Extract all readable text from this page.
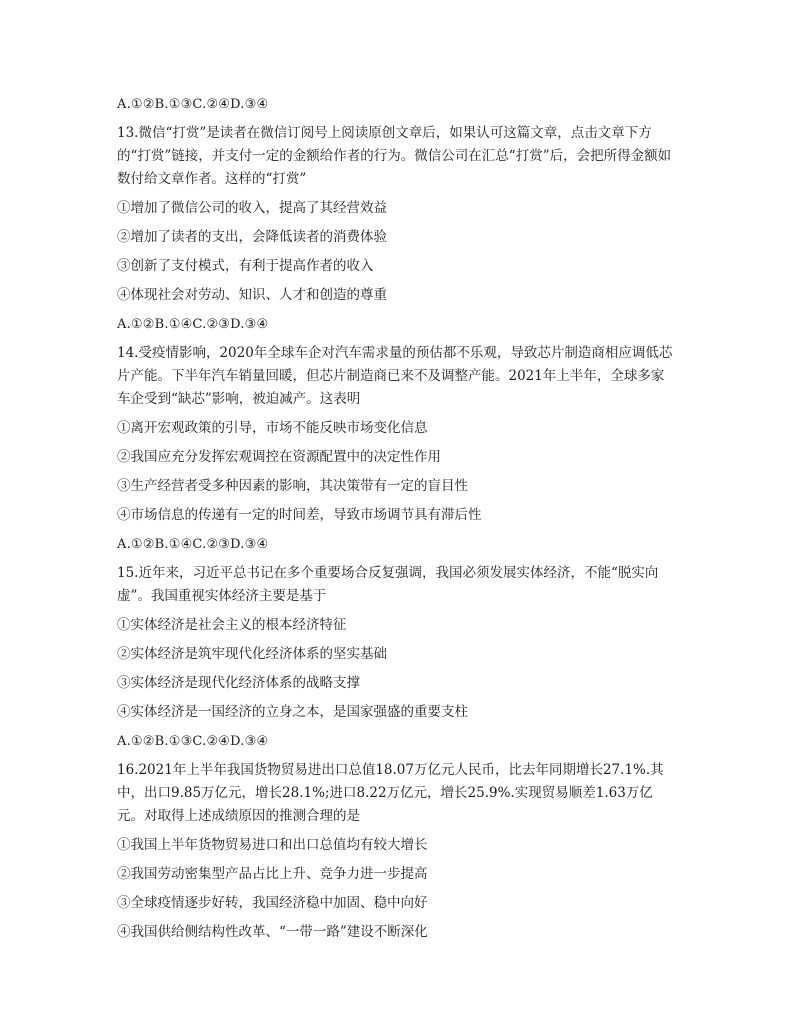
A.①②B.①③C.②④D.③④
13.微信“打赏”是读者在微信订阅号上阅读原创文章后，如果认可这篇文章，点击文章下方的“打赏”链接，并支付一定的金额给作者的行为。微信公司在汇总“打赏”后，会把所得金额如数付给文章作者。这样的“打赏”
①增加了微信公司的收入，提高了其经营效益
②增加了读者的支出，会降低读者的消费体验
③创新了支付模式，有利于提高作者的收入
④体现社会对劳动、知识、人才和创造的尊重
A.①②B.①④C.②③D.③④
14.受疫情影响，2020年全球车企对汽车需求量的预估都不乐观，导致芯片制造商相应调低芯片产能。下半年汽车销量回暖，但芯片制造商已来不及调整产能。2021年上半年，全球多家车企受到“缺芯”影响，被迫减产。这表明
①离开宏观政策的引导，市场不能反映市场变化信息
②我国应充分发挥宏观调控在资源配置中的决定性作用
③生产经营者受多种因素的影响，其决策带有一定的盲目性
④市场信息的传递有一定的时间差，导致市场调节具有滞后性
A.①②B.①④C.②③D.③④
15.近年来，习近平总书记在多个重要场合反复强调，我国必须发展实体经济，不能“脱实向虚”。我国重视实体经济主要是基于
①实体经济是社会主义的根本经济特征
②实体经济是筑牢现代化经济体系的坚实基础
③实体经济是现代化经济体系的战略支撑
④实体经济是一国经济的立身之本，是国家强盛的重要支柱
A.①②B.①③C.②④D.③④
16.2021年上半年我国货物贸易进出口总值18.07万亿元人民币，比去年同期增长27.1%.其中，出口9.85万亿元，增长28.1%;进口8.22万亿元，增长25.9%.实现贸易顺差1.63万亿元。对取得上述成绩原因的推测合理的是
①我国上半年货物贸易进口和出口总值均有较大增长
②我国劳动密集型产品占比上升、竞争力进一步提高
③全球疫情逐步好转，我国经济稳中加固、稳中向好
④我国供给侧结构性改革、“一带一路”建设不断深化
